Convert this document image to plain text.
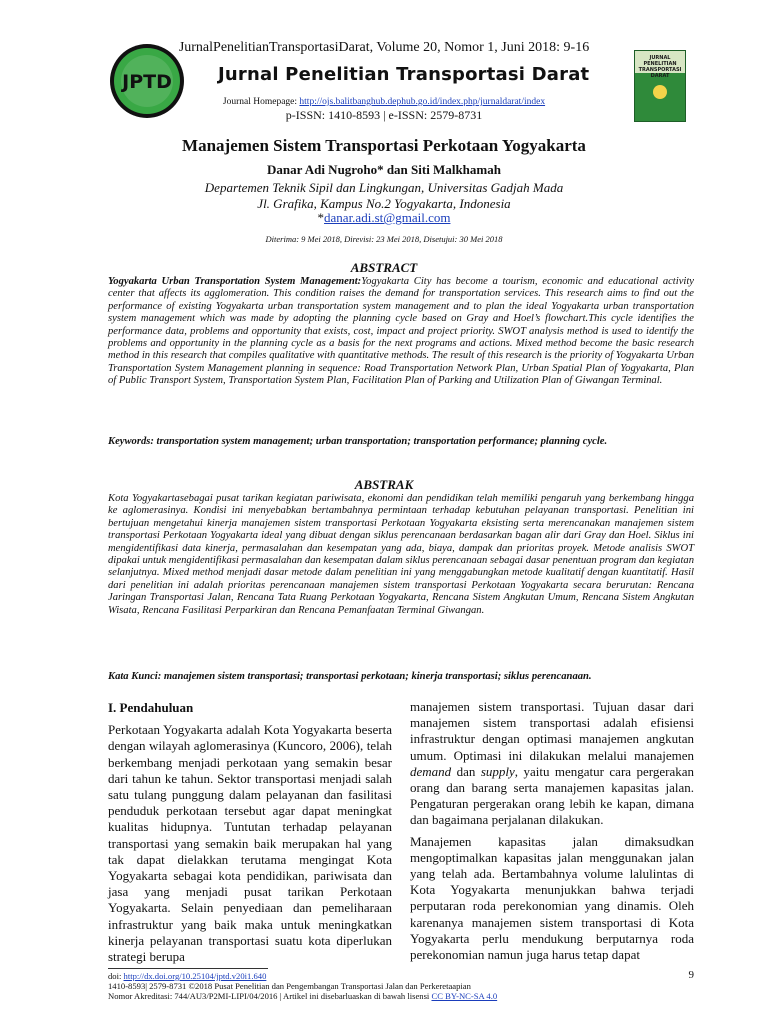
JurnalPenelitianTransportasiDarat, Volume 20, Nomor 1, Juni 2018: 9-16
JPTD	Jurnal Penelitian Transportasi Darat
Journal Homepage: http://ojs.balitbanghub.dephub.go.id/index.php/jurnaldarat/index
p-ISSN: 1410-8593 | e-ISSN: 2579-8731
JURNAL PENELITIAN TRANSPORTASI DARAT
Manajemen Sistem Transportasi Perkotaan Yogyakarta
Danar Adi Nugroho* dan Siti Malkhamah
Departemen Teknik Sipil dan Lingkungan, Universitas Gadjah Mada
Jl. Grafika, Kampus No.2 Yogyakarta, Indonesia
*danar.adi.st@gmail.com
Diterima: 9 Mei 2018, Direvisi: 23 Mei 2018, Disetujui: 30 Mei 2018
ABSTRACT
Yogyakarta Urban Transportation System Management:Yogyakarta City has become a tourism, economic and educational activity center that affects its agglomeration. This condition raises the demand for transportation services. This research aims to find out the performance of existing Yogyakarta urban transportation system management and to plan the ideal Yogyakarta urban transportation system management which was made by adopting the planning cycle based on Gray and Hoel’s flowchart.This cycle identifies the performance data, problems and opportunity that exists, cost, impact and project priority. SWOT analysis method is used to identify the problems and opportunity in the planning cycle as a basis for the next programs and actions. Mixed method become the basic research method in this research that compiles qualitative with quantitative methods. The result of this research is the priority of Yogyakarta Urban Transportation System Management planning in sequence: Road Transportation Network Plan, Urban Spatial Plan of Yogyakarta, Plan of Public Transport System, Transportation System Plan, Facilitation Plan of Parking and Utilization Plan of Giwangan Terminal.
Keywords: transportation system management; urban transportation; transportation performance; planning cycle.
ABSTRAK
Kota Yogyakartasebagai pusat tarikan kegiatan pariwisata, ekonomi dan pendidikan telah memiliki pengaruh yang berkembang hingga ke aglomerasinya. Kondisi ini menyebabkan bertambahnya permintaan terhadap kebutuhan pelayanan transportasi. Penelitian ini bertujuan mengetahui kinerja manajemen sistem transportasi Perkotaan Yogyakarta eksisting serta merencanakan manajemen sistem transportasi Perkotaan Yogyakarta ideal yang dibuat dengan siklus perencanaan berdasarkan bagan alir dari Gray dan Hoel. Siklus ini mengidentifikasi data kinerja, permasalahan dan kesempatan yang ada, biaya, dampak dan prioritas proyek. Metode analisis SWOT dipakai untuk mengidentifikasi permasalahan dan kesempatan dalam siklus perencanaan sebagai dasar penentuan program dan kegiatan selanjutnya. Mixed method menjadi dasar metode dalam penelitian ini yang menggabungkan metode kualitatif dengan kuantitatif. Hasil dari penelitian ini adalah prioritas perencanaan manajemen sistem transportasi Perkotaan Yogyakarta secara berurutan: Rencana Jaringan Transportasi Jalan, Rencana Tata Ruang Perkotaan Yogyakarta, Rencana Sistem Angkutan Umum, Rencana Sistem Angkutan Wisata, Rencana Fasilitasi Perparkiran dan Rencana Pemanfaatan Terminal Giwangan.
Kata Kunci: manajemen sistem transportasi; transportasi perkotaan; kinerja transportasi; siklus perencanaan.
I. Pendahuluan

Perkotaan Yogyakarta adalah Kota Yogyakarta beserta dengan wilayah aglomerasinya (Kuncoro, 2006), telah berkembang menjadi perkotaan yang semakin besar dari tahun ke tahun. Sektor transportasi menjadi salah satu tulang punggung dalam pelayanan dan fasilitasi penduduk perkotaan tersebut agar dapat meningkat kualitas hidupnya. Tuntutan terhadap pelayanan transportasi yang semakin baik merupakan hal yang tak dapat dielakkan terutama mengingat Kota Yogyakarta sebagai kota pendidikan, pariwisata dan jasa yang menjadi pusat tarikan Perkotaan Yogyakarta. Selain penyediaan dan pemeliharaan infrastruktur yang baik maka untuk meningkatkan kinerja pelayanan transportasi suatu kota diperlukan strategi berupa

manajemen sistem transportasi. Tujuan dasar dari manajemen sistem transportasi adalah efisiensi infrastruktur dengan optimasi manajemen angkutan umum. Optimasi ini dilakukan melalui manajemen demand dan supply, yaitu mengatur cara pergerakan orang dan barang serta manajemen kapasitas jalan. Pengaturan pergerakan orang lebih ke kapan, dimana dan bagaimana perjalanan dilakukan.

Manajemen kapasitas jalan dimaksudkan mengoptimalkan kapasitas jalan menggunakan jalan yang telah ada. Bertambahnya volume lalulintas di Kota Yogyakarta menunjukkan bahwa terjadi perputaran roda perekonomian yang dinamis. Oleh karenanya manajemen sistem transportasi di Kota Yogyakarta perlu mendukung berputarnya roda perekonomian namun juga harus tetap dapat

doi: http://dx.doi.org/10.25104/jptd.v20i1.640
1410-8593| 2579-8731 ©2018 Pusat Penelitian dan Pengembangan Transportasi Jalan dan Perkeretaapian
Nomor Akreditasi: 744/AU3/P2MI-LIPI/04/2016 | Artikel ini disebarluaskan di bawah lisensi CC BY-NC-SA 4.0
9
